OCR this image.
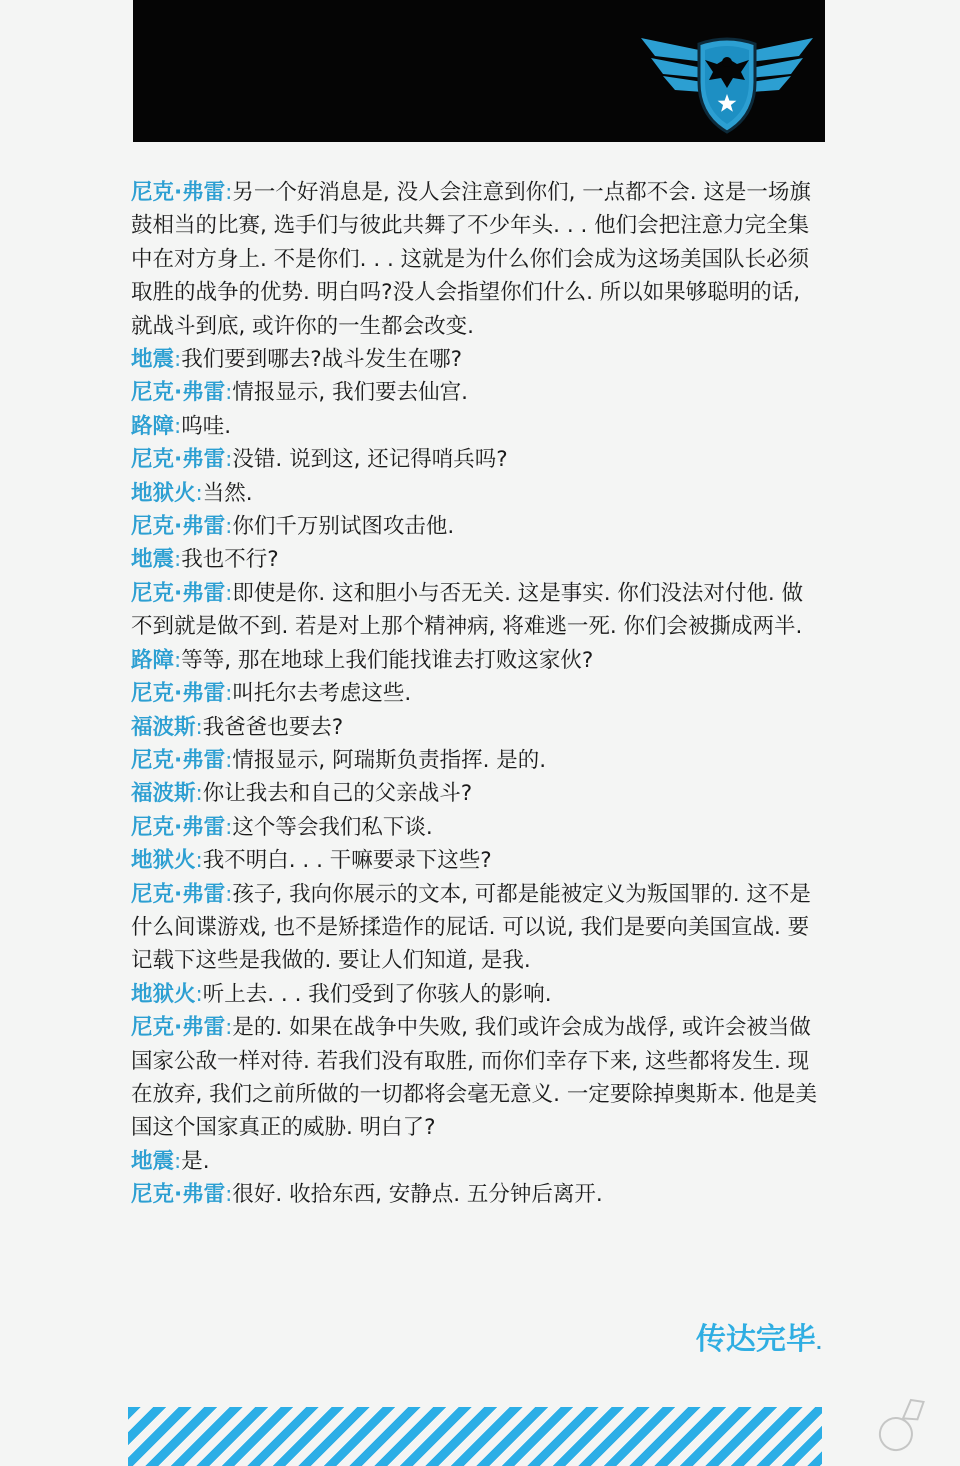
尼克·弗雷:另一个好消息是, 没人会注意到你们, 一点都不会. 这是一场旗鼓相当的比赛, 选手们与彼此共舞了不少年头. . . 他们会把注意力完全集中在对方身上. 不是你们. . . 这就是为什么你们会成为这场美国队长必须取胜的战争的优势. 明白吗?没人会指望你们什么. 所以如果够聪明的话, 就战斗到底, 或许你的一生都会改变.

地震:我们要到哪去?战斗发生在哪?

尼克·弗雷:情报显示, 我们要去仙宫.

路障:呜哇.

尼克·弗雷:没错. 说到这, 还记得哨兵吗?

地狱火:当然.

尼克·弗雷:你们千万别试图攻击他.

地震:我也不行?

尼克·弗雷:即使是你. 这和胆小与否无关. 这是事实. 你们没法对付他. 做不到就是做不到. 若是对上那个精神病, 将难逃一死. 你们会被撕成两半.

路障:等等, 那在地球上我们能找谁去打败这家伙?

尼克·弗雷:叫托尔去考虑这些.

福波斯:我爸爸也要去?

尼克·弗雷:情报显示, 阿瑞斯负责指挥. 是的.

福波斯:你让我去和自己的父亲战斗?

尼克·弗雷:这个等会我们私下谈.

地狱火:我不明白. . . 干嘛要录下这些?

尼克·弗雷:孩子, 我向你展示的文本, 可都是能被定义为叛国罪的. 这不是什么间谍游戏, 也不是矫揉造作的屁话. 可以说, 我们是要向美国宣战. 要记载下这些是我做的. 要让人们知道, 是我.

地狱火:听上去. . . 我们受到了你骇人的影响.

尼克·弗雷:是的. 如果在战争中失败, 我们或许会成为战俘, 或许会被当做国家公敌一样对待. 若我们没有取胜, 而你们幸存下来, 这些都将发生. 现在放弃, 我们之前所做的一切都将会毫无意义. 一定要除掉奥斯本. 他是美国这个国家真正的威胁. 明白了?

地震:是.

尼克·弗雷:很好. 收拾东西, 安静点. 五分钟后离开.

传达完毕.
